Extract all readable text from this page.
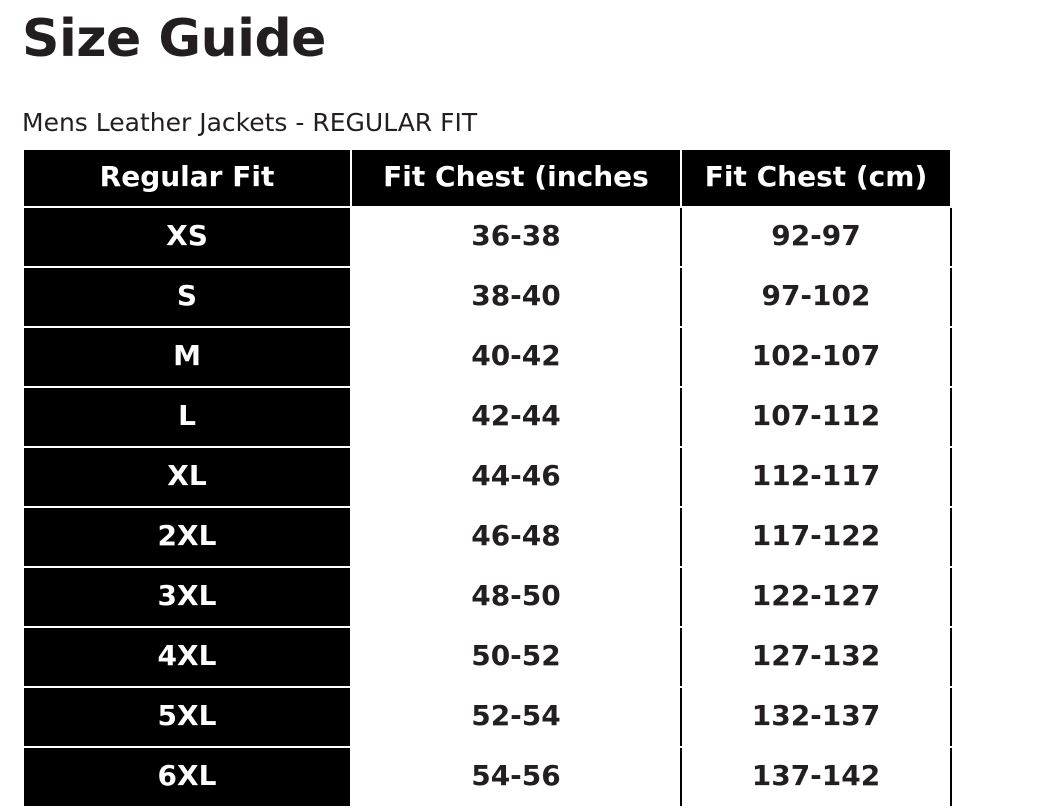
Size Guide
Mens Leather Jackets - REGULAR FIT
Regular Fit	Fit Chest (inches	Fit Chest (cm)
XS	36-38	92-97
S	38-40	97-102
M	40-42	102-107
L	42-44	107-112
XL	44-46	112-117
2XL	46-48	117-122
3XL	48-50	122-127
4XL	50-52	127-132
5XL	52-54	132-137
6XL	54-56	137-142
